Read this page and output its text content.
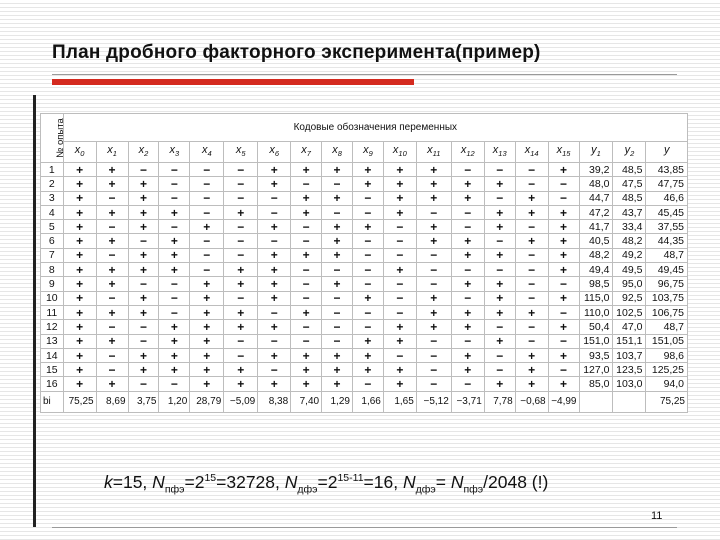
План дробного факторного эксперимента(пример)
№ опыта	Кодовые обозначения переменных																		
	$x_0$	$x_1$	$x_2$	$x_3$	$x_4$	$x_5$	$x_6$	$x_7$	$x_8$	$x_9$	$x_{10}$	$x_{11}$	$x_{12}$	$x_{13}$	$x_{14}$	$x_{15}$	$y_1$	$y_2$	y
1	+	+	−	−	−	−	+	+	+	+	+	+	−	−	−	+	39,2	48,5	43,85
2	+	+	+	−	−	−	+	−	−	+	+	+	+	+	−	−	48,0	47,5	47,75
3	+	−	+	−	−	−	−	+	+	−	+	+	+	−	+	−	44,7	48,5	46,6
4	+	+	+	+	−	+	−	+	−	−	+	−	−	+	+	+	47,2	43,7	45,45
5	+	−	+	−	+	−	+	−	+	+	−	+	−	+	−	+	41,7	33,4	37,55
6	+	+	−	+	−	−	−	−	+	−	−	+	+	−	+	+	40,5	48,2	44,35
7	+	−	+	+	−	−	+	+	+	−	−	−	+	+	−	+	48,2	49,2	48,7
8	+	+	+	+	−	+	+	−	−	−	+	−	−	−	−	+	49,4	49,5	49,45
9	+	+	−	−	+	+	+	−	+	−	−	−	+	+	−	−	98,5	95,0	96,75
10	+	−	+	−	+	−	+	−	−	+	−	+	−	+	−	+	115,0	92,5	103,75
11	+	+	+	−	+	+	−	+	−	−	−	+	+	+	+	−	110,0	102,5	106,75
12	+	−	−	+	+	+	+	−	−	−	+	+	+	−	−	+	50,4	47,0	48,7
13	+	+	−	+	+	−	−	−	−	+	+	−	−	+	−	−	151,0	151,1	151,05
14	+	−	+	+	+	−	+	+	+	+	−	−	+	−	+	+	93,5	103,7	98,6
15	+	−	+	+	+	+	−	+	+	+	+	−	+	−	+	−	127,0	123,5	125,25
16	+	+	−	−	+	+	+	+	+	−	+	−	−	+	+	+	85,0	103,0	94,0
bi	75,25	8,69	3,75	1,20	28,79	−5,09	8,38	7,40	1,29	1,66	1,65	−5,12	−3,71	7,78	−0,68	−4,99			75,25
k=15, $N_{пфэ}=2^{15}=32728$, $N_{дфэ}=2^{15-11}=16$, $N_{дфэ}= N_{пфэ}/2048$ (!)
11
